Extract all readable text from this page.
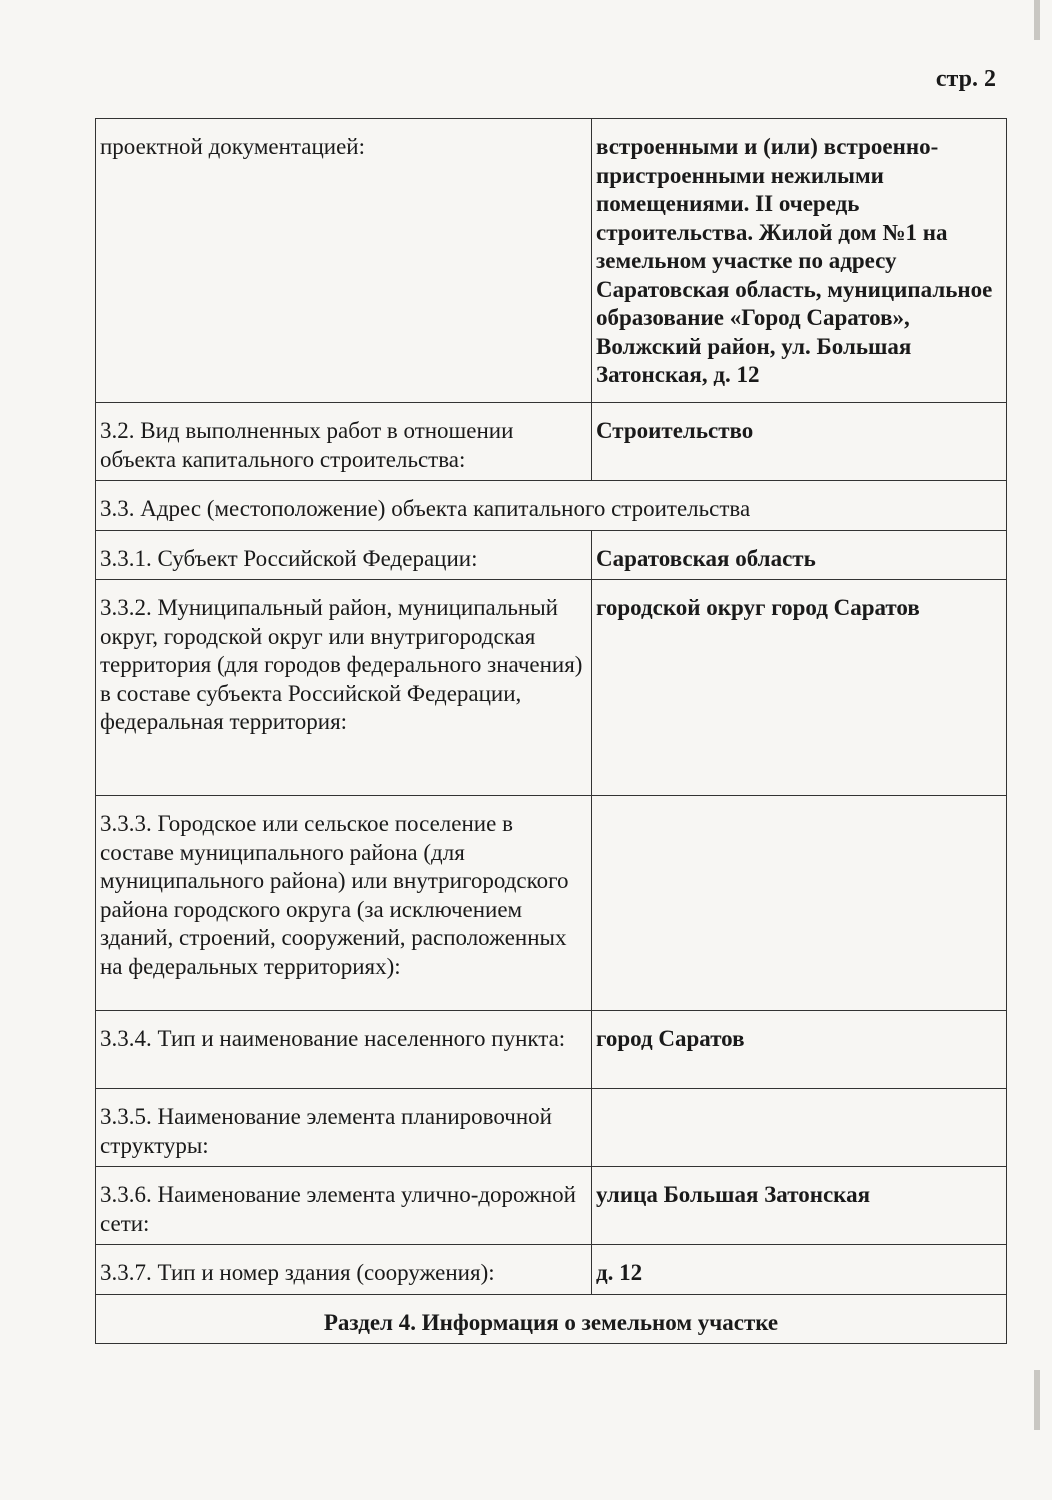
стр. 2
проектной документацией:	встроенными и (или) встроенно-пристроенными нежилыми помещениями. II очередь строительства. Жилой дом №1 на земельном участке по адресу Саратовская область, муниципальное образование «Город Саратов», Волжский район, ул. Большая Затонская, д. 12
3.2. Вид выполненных работ в отношении объекта капитального строительства:	Строительство
3.3. Адрес (местоположение) объекта капитального строительства	
3.3.1. Субъект Российской Федерации:	Саратовская область
3.3.2. Муниципальный район, муниципальный округ, городской округ или внутригородская территория (для городов федерального значения) в составе субъекта Российской Федерации, федеральная территория:	городской округ город Саратов
3.3.3. Городское или сельское поселение в составе муниципального района (для муниципального района) или внутригородского района городского округа (за исключением зданий, строений, сооружений, расположенных на федеральных территориях):	
3.3.4. Тип и наименование населенного пункта:	город Саратов
3.3.5. Наименование элемента планировочной структуры:	
3.3.6. Наименование элемента улично-дорожной сети:	улица Большая Затонская
3.3.7. Тип и номер здания (сооружения):	д. 12
Раздел 4. Информация о земельном участке	
